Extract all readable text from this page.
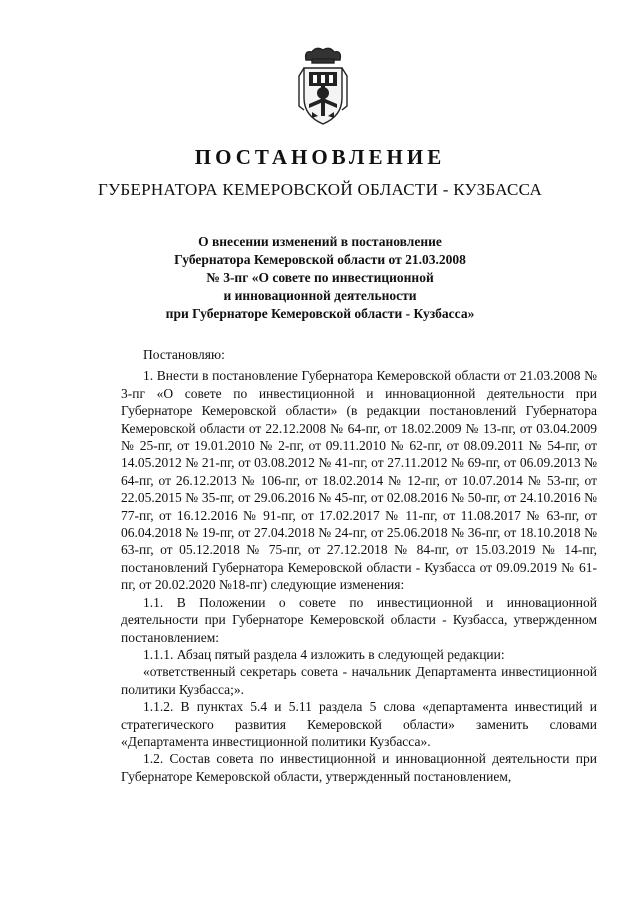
ПОСТАНОВЛЕНИЕ
ГУБЕРНАТОРА КЕМЕРОВСКОЙ ОБЛАСТИ - КУЗБАССА
О внесении изменений в постановление
Губернатора Кемеровской области от 21.03.2008
№ 3-пг «О совете по инвестиционной
и инновационной деятельности
при Губернаторе Кемеровской области - Кузбасса»

Постановляю:

1. Внести в постановление Губернатора Кемеровской области от 21.03.2008 № 3-пг «О совете по инвестиционной и инновационной деятельности при Губернаторе Кемеровской области» (в редакции постановлений Губернатора Кемеровской области от 22.12.2008 № 64-пг, от 18.02.2009 № 13-пг, от 03.04.2009 № 25-пг, от 19.01.2010 № 2-пг, от 09.11.2010 № 62-пг, от 08.09.2011 № 54-пг, от 14.05.2012 № 21-пг, от 03.08.2012 № 41-пг, от 27.11.2012 № 69-пг, от 06.09.2013 № 64-пг, от 26.12.2013 № 106-пг, от 18.02.2014 № 12-пг, от 10.07.2014 № 53-пг, от 22.05.2015 № 35-пг, от 29.06.2016 № 45-пг, от 02.08.2016 № 50-пг, от 24.10.2016 № 77-пг, от 16.12.2016 № 91-пг, от 17.02.2017 № 11-пг, от 11.08.2017 № 63-пг, от 06.04.2018 № 19-пг, от 27.04.2018 № 24-пг, от 25.06.2018 № 36-пг, от 18.10.2018 № 63-пг, от 05.12.2018 № 75-пг, от 27.12.2018 № 84-пг, от 15.03.2019 № 14-пг, постановлений Губернатора Кемеровской области - Кузбасса от 09.09.2019 № 61-пг, от 20.02.2020 №18-пг) следующие изменения:

1.1. В Положении о совете по инвестиционной и инновационной деятельности при Губернаторе Кемеровской области - Кузбасса, утвержденном постановлением:

1.1.1. Абзац пятый раздела 4 изложить в следующей редакции:

«ответственный секретарь совета - начальник Департамента инвестиционной политики Кузбасса;».

1.1.2. В пунктах 5.4 и 5.11 раздела 5 слова «департамента инвестиций и стратегического развития Кемеровской области» заменить словами «Департамента инвестиционной политики Кузбасса».

1.2. Состав совета по инвестиционной и инновационной деятельности при Губернаторе Кемеровской области, утвержденный постановлением,
